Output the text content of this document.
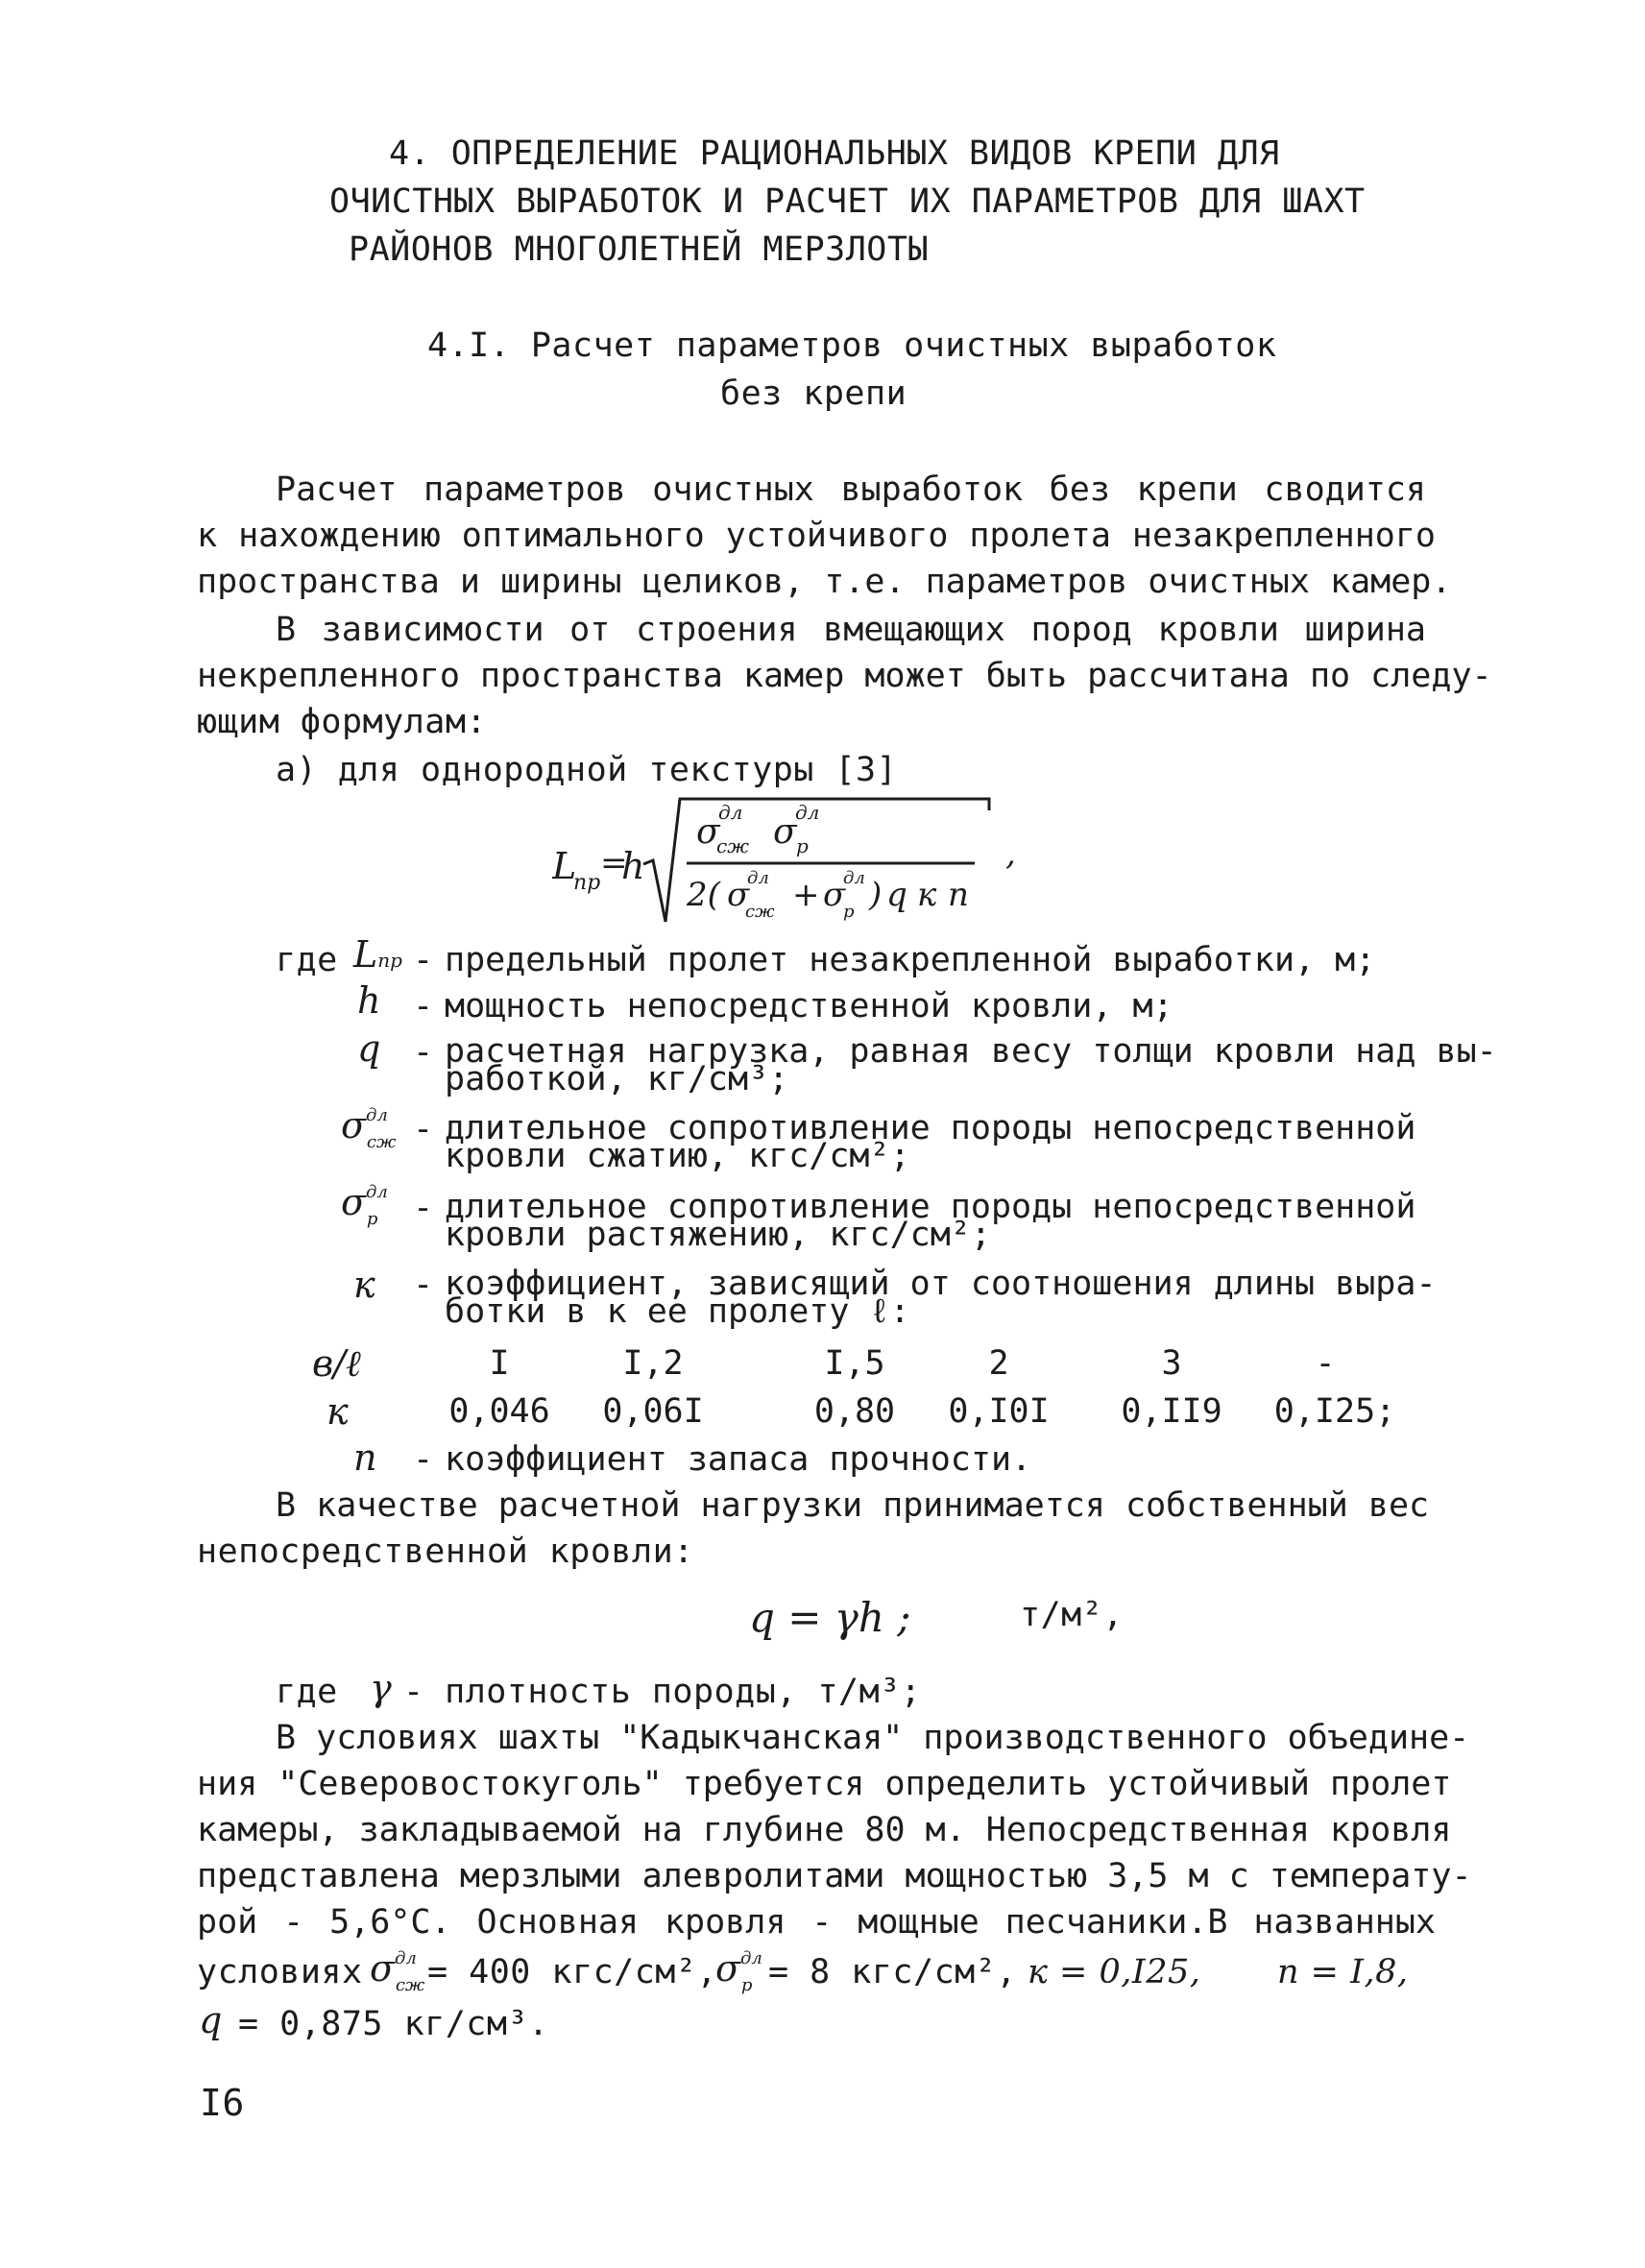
4. ОПРЕДЕЛЕНИЕ РАЦИОНАЛЬНЫХ ВИДОВ КРЕПИ ДЛЯ
ОЧИСТНЫХ ВЫРАБОТОК И РАСЧЕТ ИХ ПАРАМЕТРОВ ДЛЯ ШАХТ
РАЙОНОВ МНОГОЛЕТНЕЙ МЕРЗЛОТЫ
4.I. Расчет параметров очистных выработок
без крепи
Расчет параметров очистных выработок без крепи сводится
к нахождению оптимального устойчивого пролета незакрепленного
пространства и ширины целиков, т.е. параметров очистных камер.
В зависимости от строения вмещающих пород кровли ширина
некрепленного пространства камер может быть рассчитана по следу-
ющим формулам:
а) для однородной текстуры [3]
L
пр
=
h
σ
дл
сж σ
дл
р
2( σ
дл
сж + σ
дл
р ) q к п
,
где Lпр - предельный пролет незакрепленной выработки, м;
h - мощность непосредственной кровли, м;
q - расчетная нагрузка, равная весу толщи кровли над вы-
работкой, кг/см³;
$\sigma^{дл}_{сж}$ - длительное сопротивление породы непосредственной
кровли сжатию, кгс/см²;
$\sigma^{дл}_р$	- длительное сопротивление породы непосредственной
кровли растяжению, кгс/см²;
к - коэффициент, зависящий от соотношения длины выра-
ботки в к ее пролету ℓ:
в/ℓ	I	I,2	I,5	2	3	-
к	0,046	0,06I	0,80	0,I0I	0,II9	0,I25;
п - коэффициент запаса прочности.
В качестве расчетной нагрузки принимается собственный вес
непосредственной кровли:
q = γh ;	т/м²,
где γ - плотность породы, т/м³;
В условиях шахты "Кадыкчанская" производственного объедине-
ния "Северовостокуголь" требуется определить устойчивый пролет
камеры, закладываемой на глубине 80 м. Непосредственная кровля
представлена мерзлыми алевролитами мощностью 3,5 м с температу-
рой - 5,6°С. Основная кровля - мощные песчаники.В названных
условиях $\sigma^{дл}_{сж} = 400$ кгс/см²,
$\sigma^{дл}_р = 8$ кгс/см², к = 0,I25, п = I,8,
q = 0,875 кг/см³.
I6
